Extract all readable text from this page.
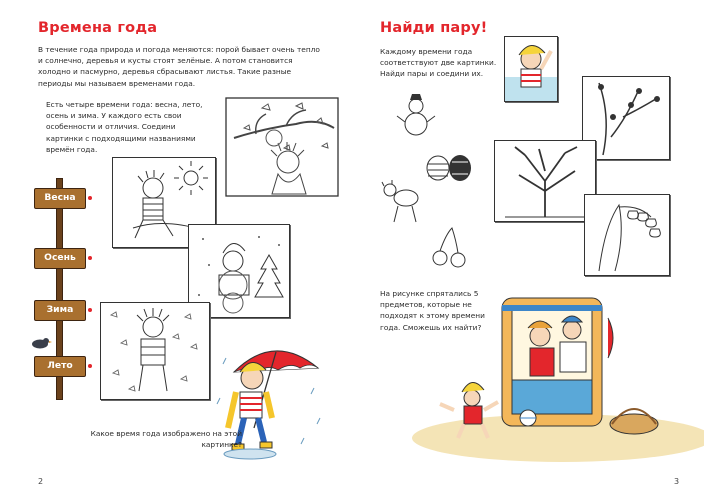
Времена года

В течение года природа и погода меняются: порой бывает очень тепло и солнечно, деревья и кусты стоят зелёные. А потом становится холодно и пасмурно, деревья сбрасывают листья. Такие разные периоды мы называем временами года.

Есть четыре времени года: весна, лето, осень и зима. У каждого есть свои особенности и отличия. Соедини картинки с подходящими названиями времён года.

Весна
Осень
Зима
Лето

Какое время года изображено на этой картинке?

2
Найди пару!

Каждому времени года соответствуют две картинки. Найди пары и соедини их.

На рисунке спрятались 5 предметов, которые не подходят к этому времени года. Сможешь их найти?

3
